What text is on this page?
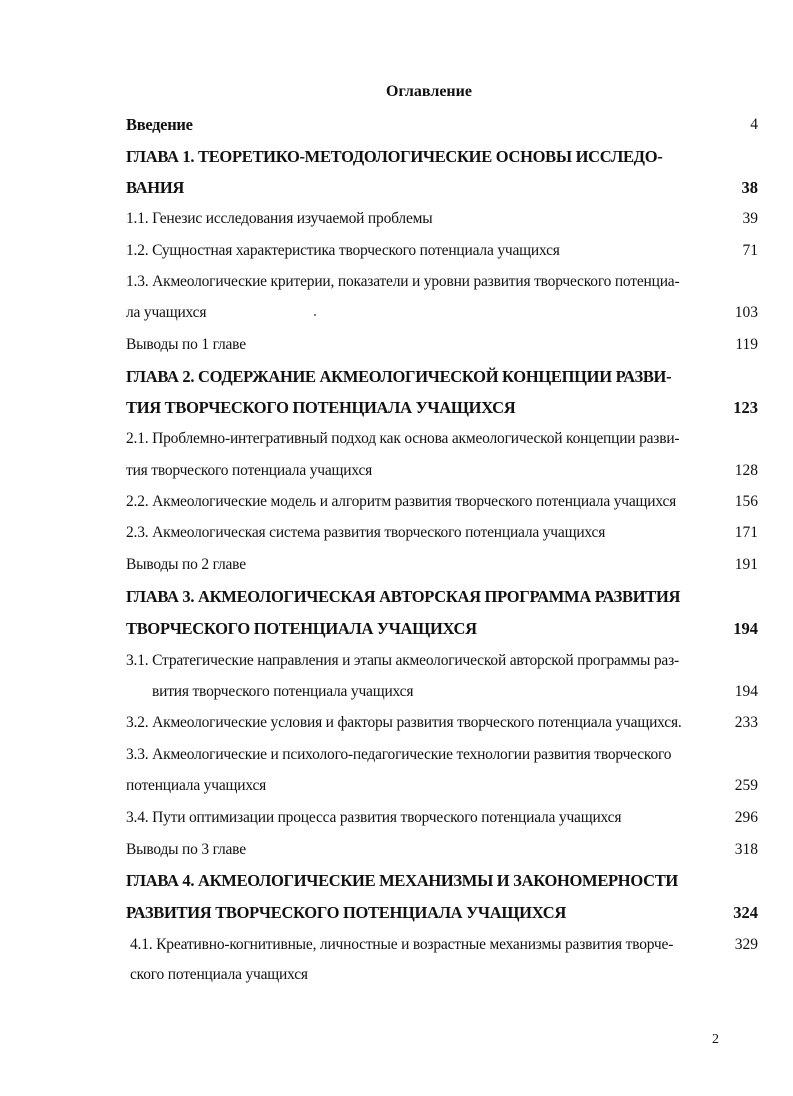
Оглавление
Введение	4
ГЛАВА 1. ТЕОРЕТИКО-МЕТОДОЛОГИЧЕСКИЕ ОСНОВЫ ИССЛЕДО-
ВАНИЯ	38
1.1. Генезис исследования изучаемой проблемы	39
1.2. Сущностная характеристика творческого потенциала учащихся	71
1.3. Акмеологические критерии, показатели и уровни развития творческого потенциа-
ла учащихся	103
Выводы по 1 главе	119
ГЛАВА 2. СОДЕРЖАНИЕ АКМЕОЛОГИЧЕСКОЙ КОНЦЕПЦИИ РАЗВИ-
ТИЯ ТВОРЧЕСКОГО ПОТЕНЦИАЛА УЧАЩИХСЯ	123
2.1. Проблемно-интегративный подход как основа акмеологической концепции разви-
тия творческого потенциала учащихся	128
2.2. Акмеологические модель и алгоритм развития творческого потенциала учащихся	156
2.3. Акмеологическая система развития творческого потенциала учащихся	171
Выводы по 2 главе	191
ГЛАВА 3. АКМЕОЛОГИЧЕСКАЯ АВТОРСКАЯ ПРОГРАММА РАЗВИТИЯ
ТВОРЧЕСКОГО ПОТЕНЦИАЛА УЧАЩИХСЯ	194
3.1. Стратегические направления и этапы акмеологической авторской программы раз-
вития творческого потенциала учащихся	194
3.2. Акмеологические условия и факторы развития творческого потенциала учащихся.	233
3.3. Акмеологические и психолого-педагогические технологии развития творческого
потенциала учащихся	259
3.4. Пути оптимизации процесса развития творческого потенциала учащихся	296
Выводы по 3 главе	318
ГЛАВА 4. АКМЕОЛОГИЧЕСКИЕ МЕХАНИЗМЫ И ЗАКОНОМЕРНОСТИ
РАЗВИТИЯ ТВОРЧЕСКОГО ПОТЕНЦИАЛА УЧАЩИХСЯ	324
4.1. Креативно-когнитивные, личностные и возрастные механизмы развития творче-	329
ского потенциала учащихся
2
